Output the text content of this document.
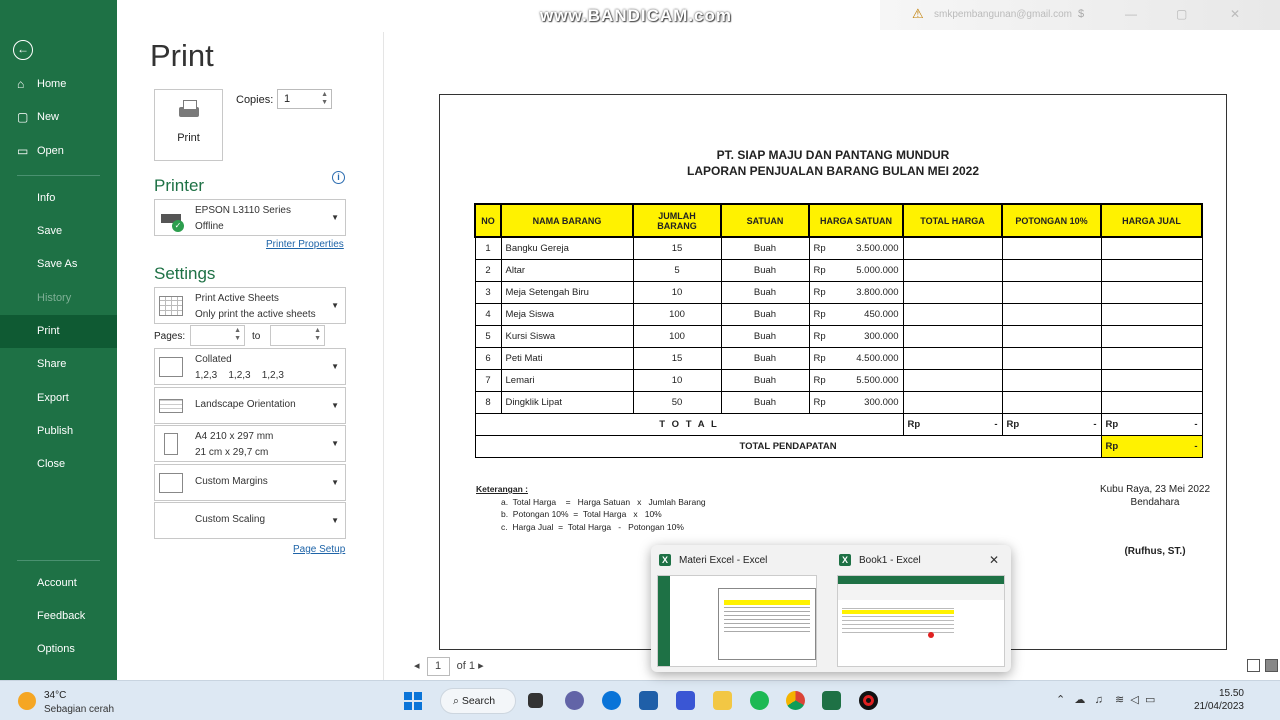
⚠ smkpembangunan@gmail.com $	—	▢	✕
www.BANDICAM.com
←
⌂ Home
▢ New
▭ Open
Info
Save
Save As
History
Print
Share
Export
Publish
Close
Account
Feedback
Options
Print
Print
Copies: 1	▲
▼
Printer	i
✓
EPSON L3110 Series
Offline
▼
Printer Properties
Settings
Print Active Sheets
Only print the active sheets
▼
Pages:
▲
▼ to
▲
▼
Collated
1,2,3    1,2,3    1,2,3
▼
Landscape Orientation	▼
A4 210 x 297 mm
21 cm x 29,7 cm
▼
Custom Margins	▼
Custom Scaling	▼
Page Setup
PT. SIAP MAJU DAN PANTANG MUNDUR
LAPORAN PENJUALAN BARANG BULAN MEI 2022
NO	NAMA BARANG	JUMLAH BARANG	SATUAN	HARGA SATUAN	TOTAL HARGA	POTONGAN 10%	HARGA JUAL
1	Bangku Gereja	15	Buah	Rp 3.500.000			

2	Altar	5	Buah	Rp 5.000.000			

3	Meja Setengah Biru	10	Buah	Rp 3.800.000			

4	Meja Siswa	100	Buah	Rp 450.000			

5	Kursi Siswa	100	Buah	Rp 300.000			

6	Peti Mati	15	Buah	Rp 4.500.000			

7	Lemari	10	Buah	Rp 5.500.000			

8	Dingklik Lipat	50	Buah	Rp 300.000			

T O T A L					Rp -	Rp -	Rp -

TOTAL PENDAPATAN							Rp -
Keterangan :
a.  Total Harga    =   Harga Satuan   x   Jumlah Barang
b.  Potongan 10%  =  Total Harga   x   10%
c.  Harga Jual  =  Total Harga   -   Potongan 10%
Kubu Raya, 23 Mei 2022
Bendahara
(Rufhus, ST.)
◂ 1 of 1 ▸
X Materi Excel - Excel	X Book1 - Excel	✕
34°C
Sebagian cerah
⌕ Search	⌃ ☁ ♫ ≋ ◁ ▭
15.50
21/04/2023
